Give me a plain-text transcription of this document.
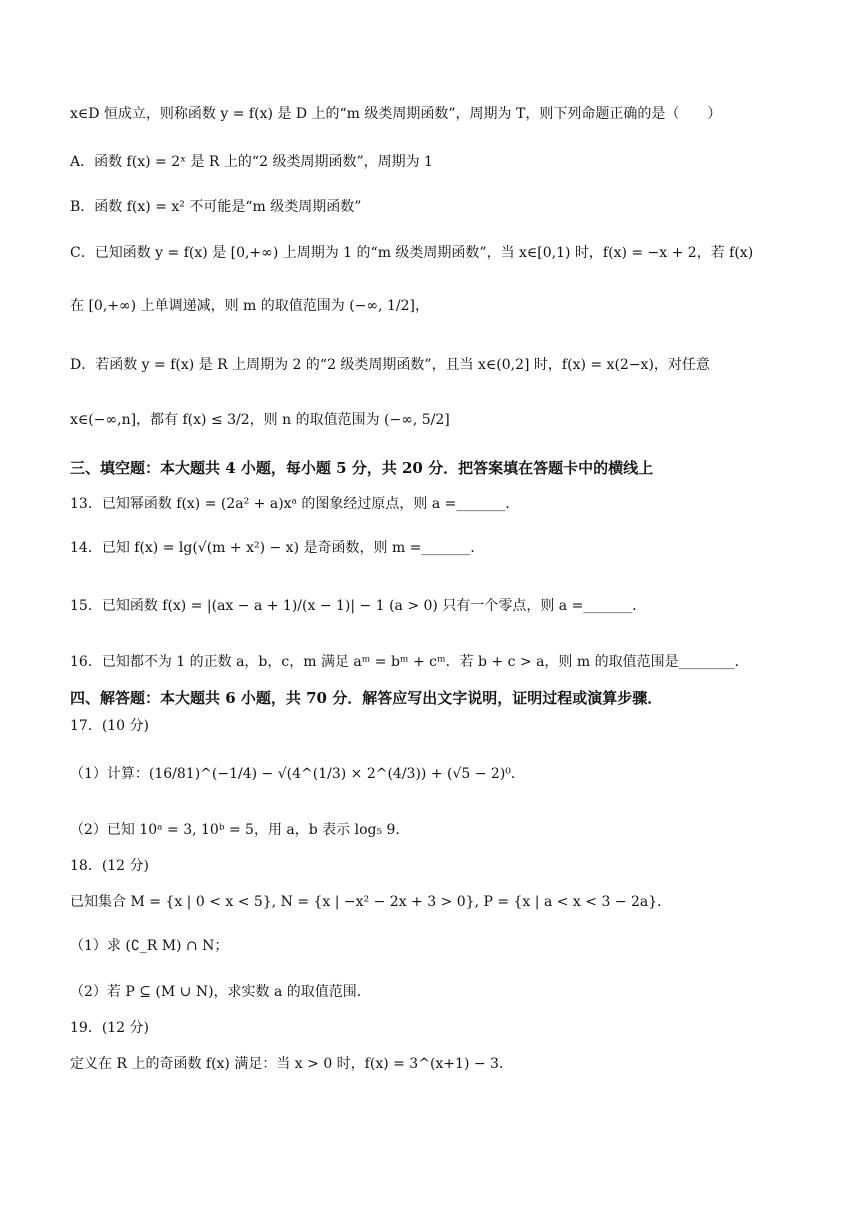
x∈D 恒成立，则称函数 y = f(x) 是 D 上的“m 级类周期函数”，周期为 T，则下列命题正确的是（　　）
A．函数 f(x) = 2ˣ 是 R 上的“2 级类周期函数”，周期为 1
B．函数 f(x) = x² 不可能是“m 级类周期函数”
C．已知函数 y = f(x) 是 [0,+∞) 上周期为 1 的“m 级类周期函数”，当 x∈[0,1) 时，f(x) = −x + 2，若 f(x)
在 [0,+∞) 上单调递减，则 m 的取值范围为 (−∞, 1/2]，
D．若函数 y = f(x) 是 R 上周期为 2 的“2 级类周期函数”，且当 x∈(0,2] 时，f(x) = x(2−x)，对任意
x∈(−∞,n]，都有 f(x) ≤ 3/2，则 n 的取值范围为 (−∞, 5/2]
三、填空题：本大题共 4 小题，每小题 5 分，共 20 分．把答案填在答题卡中的横线上
13．已知幂函数 f(x) = (2a² + a)xᵃ 的图象经过原点，则 a =_______．
14．已知 f(x) = lg(√(m + x²) − x) 是奇函数，则 m =_______．
15．已知函数 f(x) = |(ax − a + 1)/(x − 1)| − 1 (a > 0) 只有一个零点，则 a =_______．
16．已知都不为 1 的正数 a，b，c，m 满足 aᵐ = bᵐ + cᵐ．若 b + c > a，则 m 的取值范围是________．
四、解答题：本大题共 6 小题，共 70 分．解答应写出文字说明，证明过程或演算步骤．
17．(10 分)
（1）计算：(16/81)^(−1/4) − √(4^(1/3) × 2^(4/3)) + (√5 − 2)⁰．
（2）已知 10ᵃ = 3, 10ᵇ = 5，用 a，b 表示 log₅ 9．
18．(12 分)
已知集合 M = {x | 0 < x < 5}, N = {x | −x² − 2x + 3 > 0}, P = {x | a < x < 3 − 2a}．
（1）求 (∁_R M) ∩ N；
（2）若 P ⊆ (M ∪ N)，求实数 a 的取值范围．
19．(12 分)
定义在 R 上的奇函数 f(x) 满足：当 x > 0 时，f(x) = 3^(x+1) − 3．
